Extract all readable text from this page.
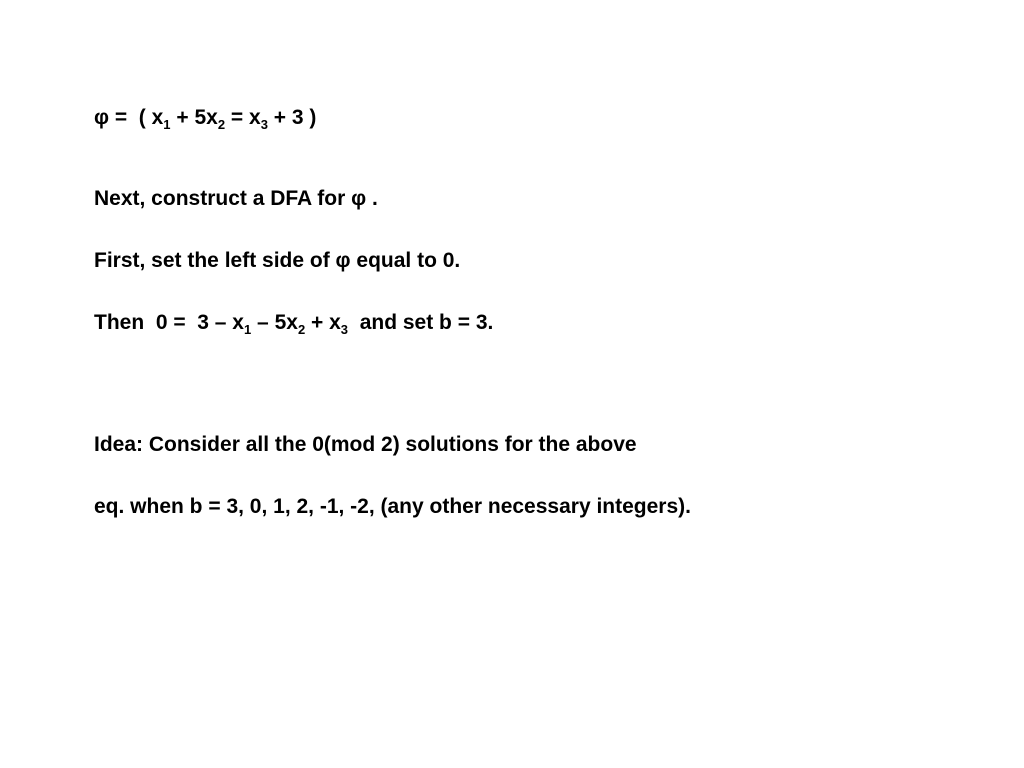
φ =  ( $x_1 + 5x_2 = x_3 + 3$ )
Next, construct a DFA for φ .
First, set the left side of φ equal to 0.
Then  $0 = 3 - x_1 - 5x_2 + x_3$  and set b = 3.
Idea: Consider all the 0(mod 2) solutions for the above
eq. when b = 3, 0, 1, 2, -1, -2, (any other necessary integers).
